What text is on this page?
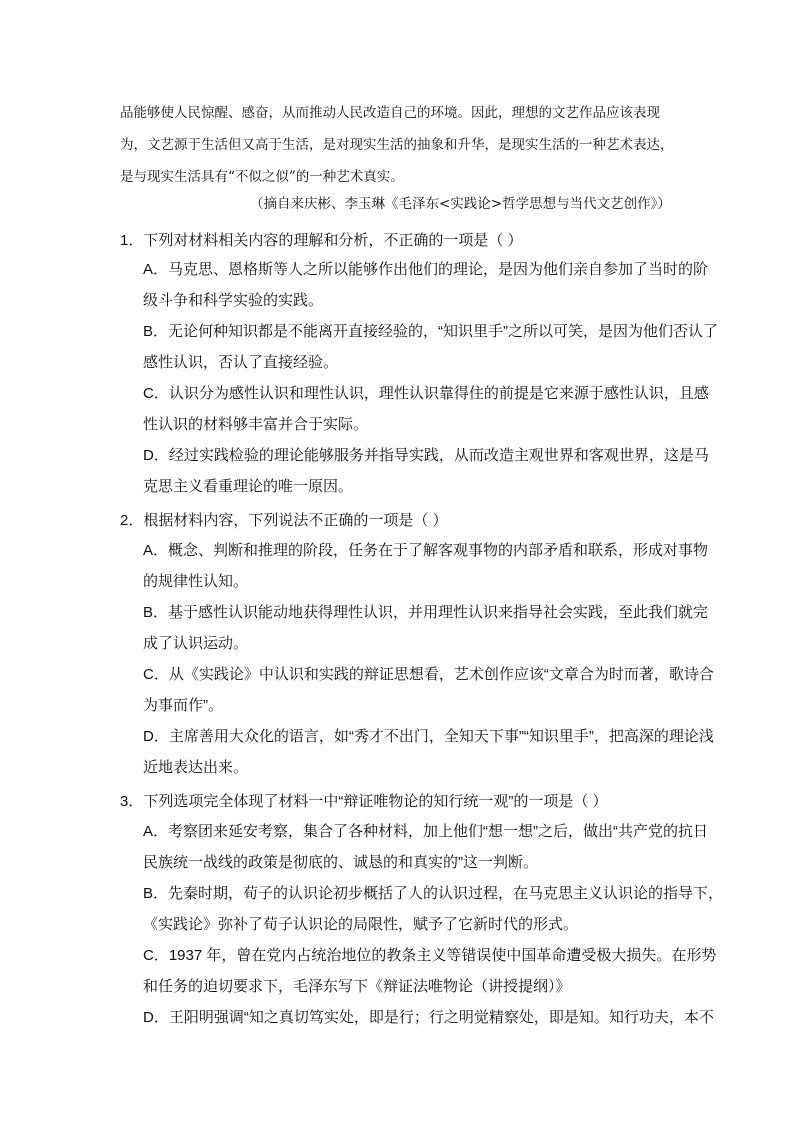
品能够使人民惊醒、感奋，从而推动人民改造自己的环境。因此，理想的文艺作品应该表现

为，文艺源于生活但又高于生活，是对现实生活的抽象和升华，是现实生活的一种艺术表达，

是与现实生活具有“不似之似”的一种艺术真实。

（摘自来庆彬、李玉琳《毛泽东<实践论>哲学思想与当代文艺创作》）
1．下列对材料相关内容的理解和分析，不正确的一项是（ ）
A．马克思、恩格斯等人之所以能够作出他们的理论，是因为他们亲自参加了当时的阶
级斗争和科学实验的实践。
B．无论何种知识都是不能离开直接经验的，“知识里手”之所以可笑，是因为他们否认了
感性认识，否认了直接经验。
C．认识分为感性认识和理性认识，理性认识靠得住的前提是它来源于感性认识，且感
性认识的材料够丰富并合于实际。
D．经过实践检验的理论能够服务并指导实践，从而改造主观世界和客观世界，这是马
克思主义看重理论的唯一原因。
2．根据材料内容，下列说法不正确的一项是（ ）
A．概念、判断和推理的阶段，任务在于了解客观事物的内部矛盾和联系，形成对事物
的规律性认知。
B．基于感性认识能动地获得理性认识，并用理性认识来指导社会实践，至此我们就完
成了认识运动。
C．从《实践论》中认识和实践的辩证思想看，艺术创作应该“文章合为时而著，歌诗合
为事而作”。
D．主席善用大众化的语言，如“秀才不出门，全知天下事”“知识里手”，把高深的理论浅
近地表达出来。
3．下列选项完全体现了材料一中“辩证唯物论的知行统一观”的一项是（ ）
A．考察团来延安考察，集合了各种材料，加上他们“想一想”之后，做出“共产党的抗日
民族统一战线的政策是彻底的、诚恳的和真实的”这一判断。
B．先秦时期，荀子的认识论初步概括了人的认识过程，在马克思主义认识论的指导下，
《实践论》弥补了荀子认识论的局限性，赋予了它新时代的形式。
C．1937 年，曾在党内占统治地位的教条主义等错误使中国革命遭受极大损失。在形势
和任务的迫切要求下，毛泽东写下《辩证法唯物论（讲授提纲）》
D．王阳明强调“知之真切笃实处，即是行；行之明觉精察处，即是知。知行功夫，本不
